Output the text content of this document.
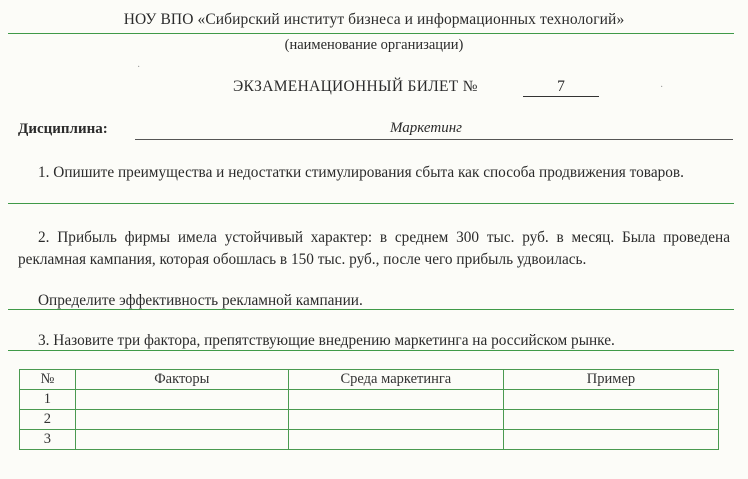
НОУ ВПО «Сибирский институт бизнеса и информационных технологий»
(наименование организации)
·
·
ЭКЗАМЕНАЦИОННЫЙ БИЛЕТ №	7
Дисциплина:	Маркетинг
1. Опишите преимущества и недостатки стимулирования сбыта как способа продвижения товаров.
2. Прибыль фирмы имела устойчивый характер: в среднем 300 тыс. руб. в месяц. Была проведена рекламная кампания, которая обошлась в 150 тыс. руб., после чего прибыль удвоилась.
Определите эффективность рекламной кампании.
3. Назовите три фактора, препятствующие внедрению маркетинга на российском рынке.
№	Факторы	Среда маркетинга	Пример
1			
2			
3			
